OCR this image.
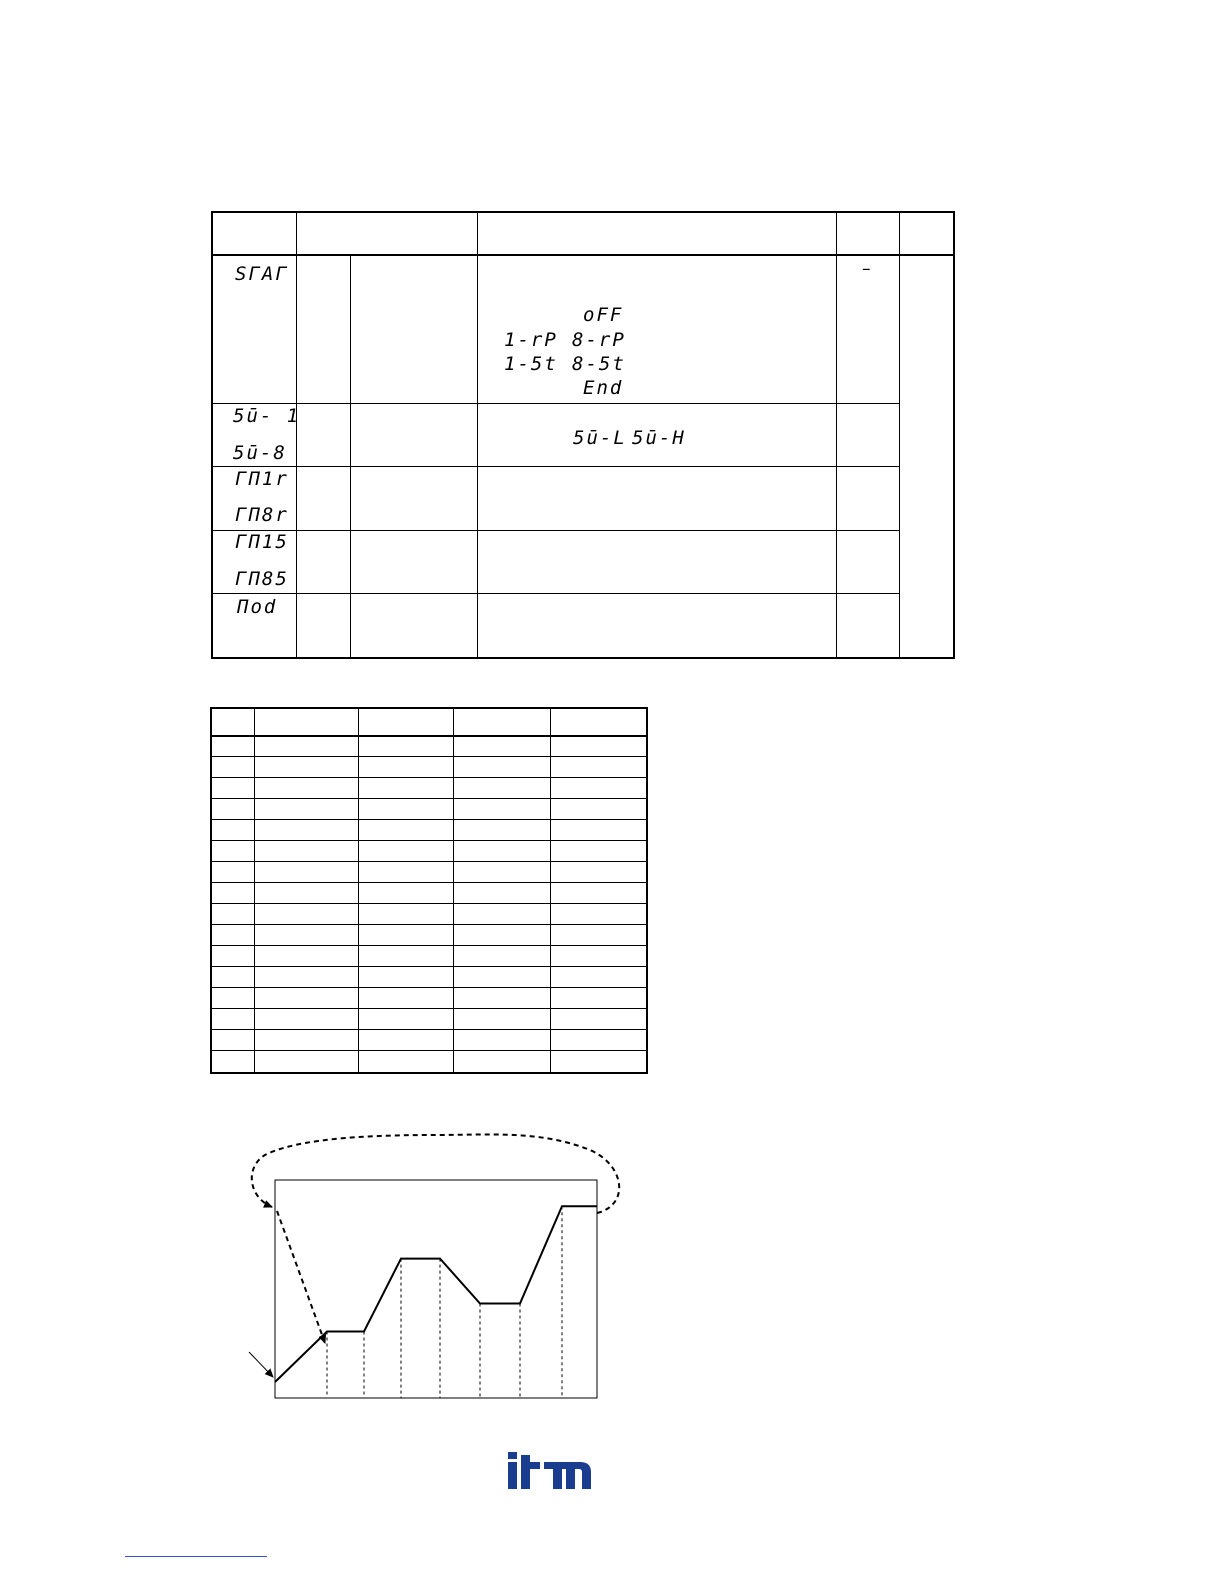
SΓAΓ	–
oFF
1-rP 8-rP
1-5t 8-5t
End
5ū- 1
5ū-8
5ū-L 5ū-H
ΓΠ1r
ΓΠ8r
ΓΠ15
ΓΠ85
Πod
